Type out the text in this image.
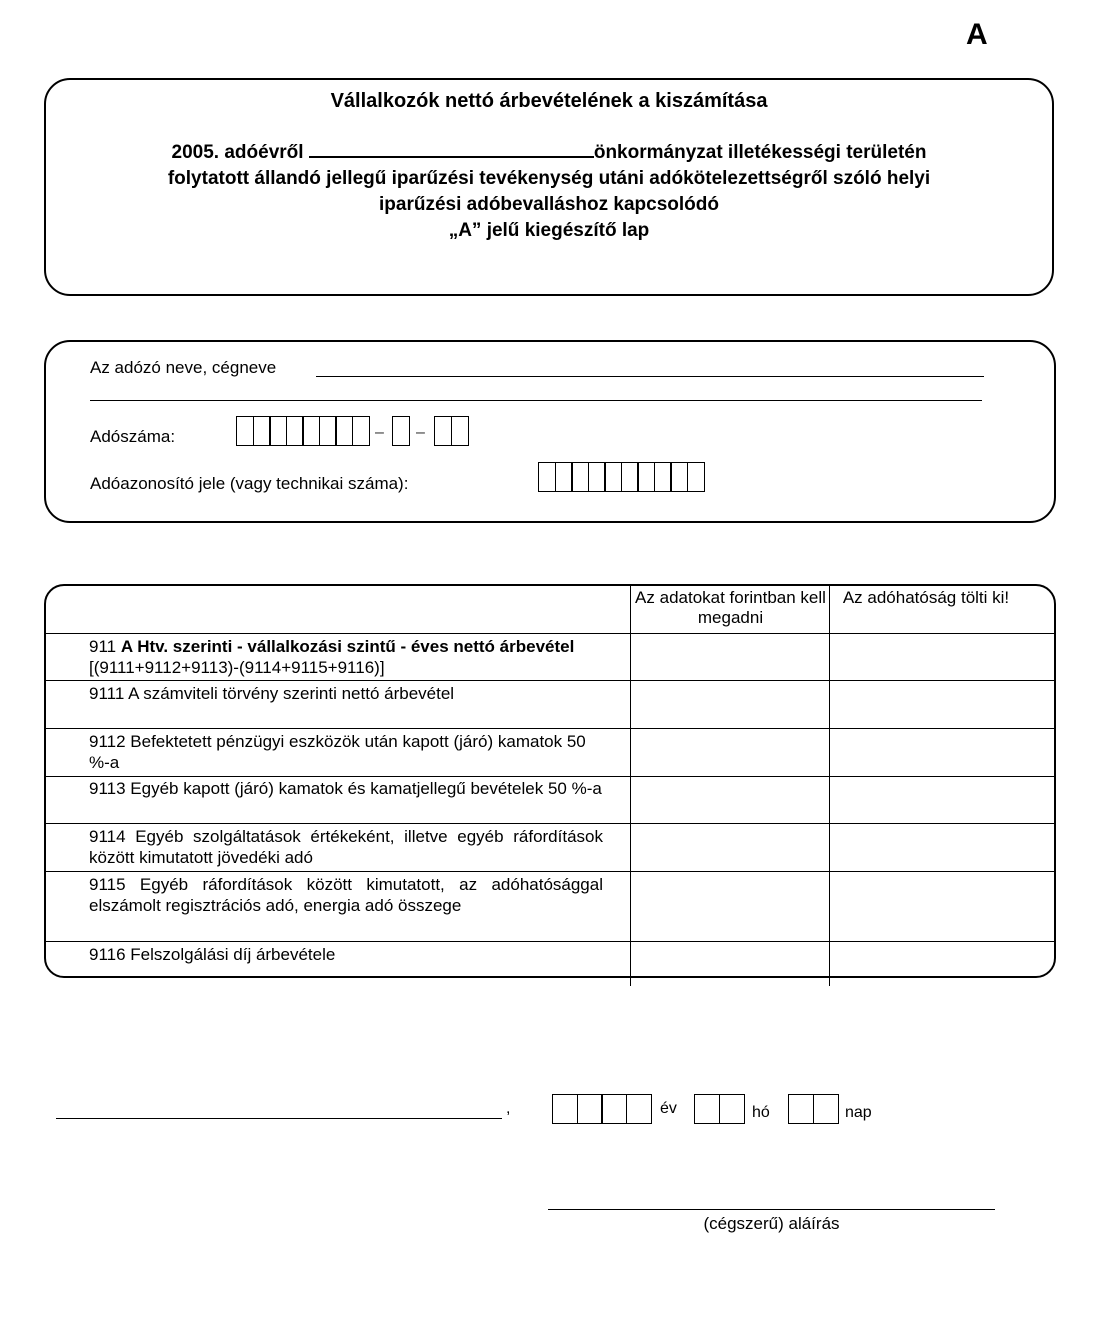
A
Vállalkozók nettó árbevételének a kiszámítása
2005. adóévről	önkormányzat illetékességi területén
folytatott állandó jellegű iparűzési tevékenység utáni adókötelezettségről szóló helyi
iparűzési adóbevalláshoz kapcsolódó
„A” jelű kiegészítő lap
Az adózó neve, cégneve
Adószáma:	– –
Adóazonosító jele (vagy technikai száma):
Az adatokat forintban kell megadni
Az adóhatóság tölti ki!
911 A Htv. szerinti - vállalkozási szintű - éves nettó árbevétel [(9111+9112+9113)-(9114+9115+9116)]
9111 A számviteli törvény szerinti nettó árbevétel
9112 Befektetett pénzügyi eszközök után kapott (járó) kamatok 50 %-a
9113 Egyéb kapott (járó) kamatok és kamatjellegű bevételek 50 %-a
9114 Egyéb szolgáltatások értékeként, illetve egyéb ráfordítások között kimutatott jövedéki adó
9115 Egyéb ráfordítások között kimutatott, az adóhatósággal elszámolt regisztrációs adó, energia adó összege
9116 Felszolgálási díj árbevétele
,	év	hó	nap
(cégszerű) aláírás
